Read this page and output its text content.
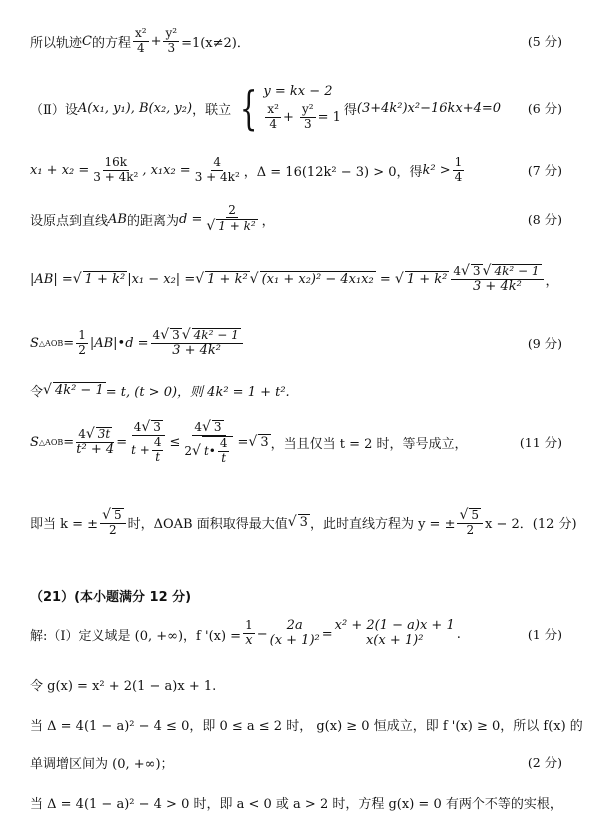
所以轨迹 C 的方程 $\frac{\text{x²}}{4} + \frac{\text{y²}}{3} =1(x\ne 2)$．	(5 分)
（Ⅱ）设 A(x₁, y₁), B(x₂, y₂) ，联立 { y = kx − 2
$\frac{\text{x²}}{4} + \frac{\text{y²}}{3} = 1$ 得 (3+4k²)x²−16kx+4=0 (6 分)
$x_1 + x_2 = \frac{16k}{\text{3 + 4k²}}$ , $x_1x_2 = \frac{4}{\text{3 + 4k²}}$ ，Δ = 16(12k² − 3) > 0，得 $k^2 > \frac{1}{4}$	(7 分)
设原点到直线 AB 的距离为 $d = \frac{2}{\text{√ 1 + k²}}$ ，	(8 分)
|AB| = √ 1 + k² |x₁ − x₂| = √ 1 + k² √ (x₁ + x₂)² − 4x₁x₂ = √ $1 + k^2 \frac{\text{4√ 3 √ 4k² − 1}}{\text{3 + 4k²}}$ ，
S △AOB = $\frac{1}{2}$ |AB|•d = $\frac{\text{4√ 3 √ 4k² − 1}}{\text{3 + 4k²}}$	(9 分)
令 √ 4k² − 1 = t, (t > 0)，则 4k² = 1 + t².
S △AOB = $\frac{4√ 3t}{\text{t² + 4}} = \frac{4√ 3}{t + \frac{4}{t}} \le \frac{4√ 3}{2√ t• \frac{4}{t}}$ = √ 3 ，当且仅当 t = 2 时，等号成立，	(11 分)
即当 k = ± $\frac{√ 5}{2}$ 时，ΔOAB 面积取得最大值 √ 3 ，此时直线方程为 y = ± $\frac{√ 5}{2}$ x − 2．(12 分)
（21）(本小题满分 12 分)
解:（Ⅰ）定义域是 (0, +∞)，f '$(x) = \frac{1}{x}$ −
2a
(x + 1)² =
x² + 2(1 − a)x + 1
x(x + 1)²	.	(1 分)
令 g(x) = x² + 2(1 − a)x + 1.
当 Δ = 4(1 − a)² − 4 ≤ 0，即 0 ≤ a ≤ 2 时， g(x) ≥ 0 恒成立，即 f '(x) ≥ 0，所以 f(x) 的
单调增区间为 (0, +∞)；	(2 分)
当 Δ = 4(1 − a)² − 4 > 0 时，即 a < 0 或 a > 2 时，方程 g(x) = 0 有两个不等的实根，
